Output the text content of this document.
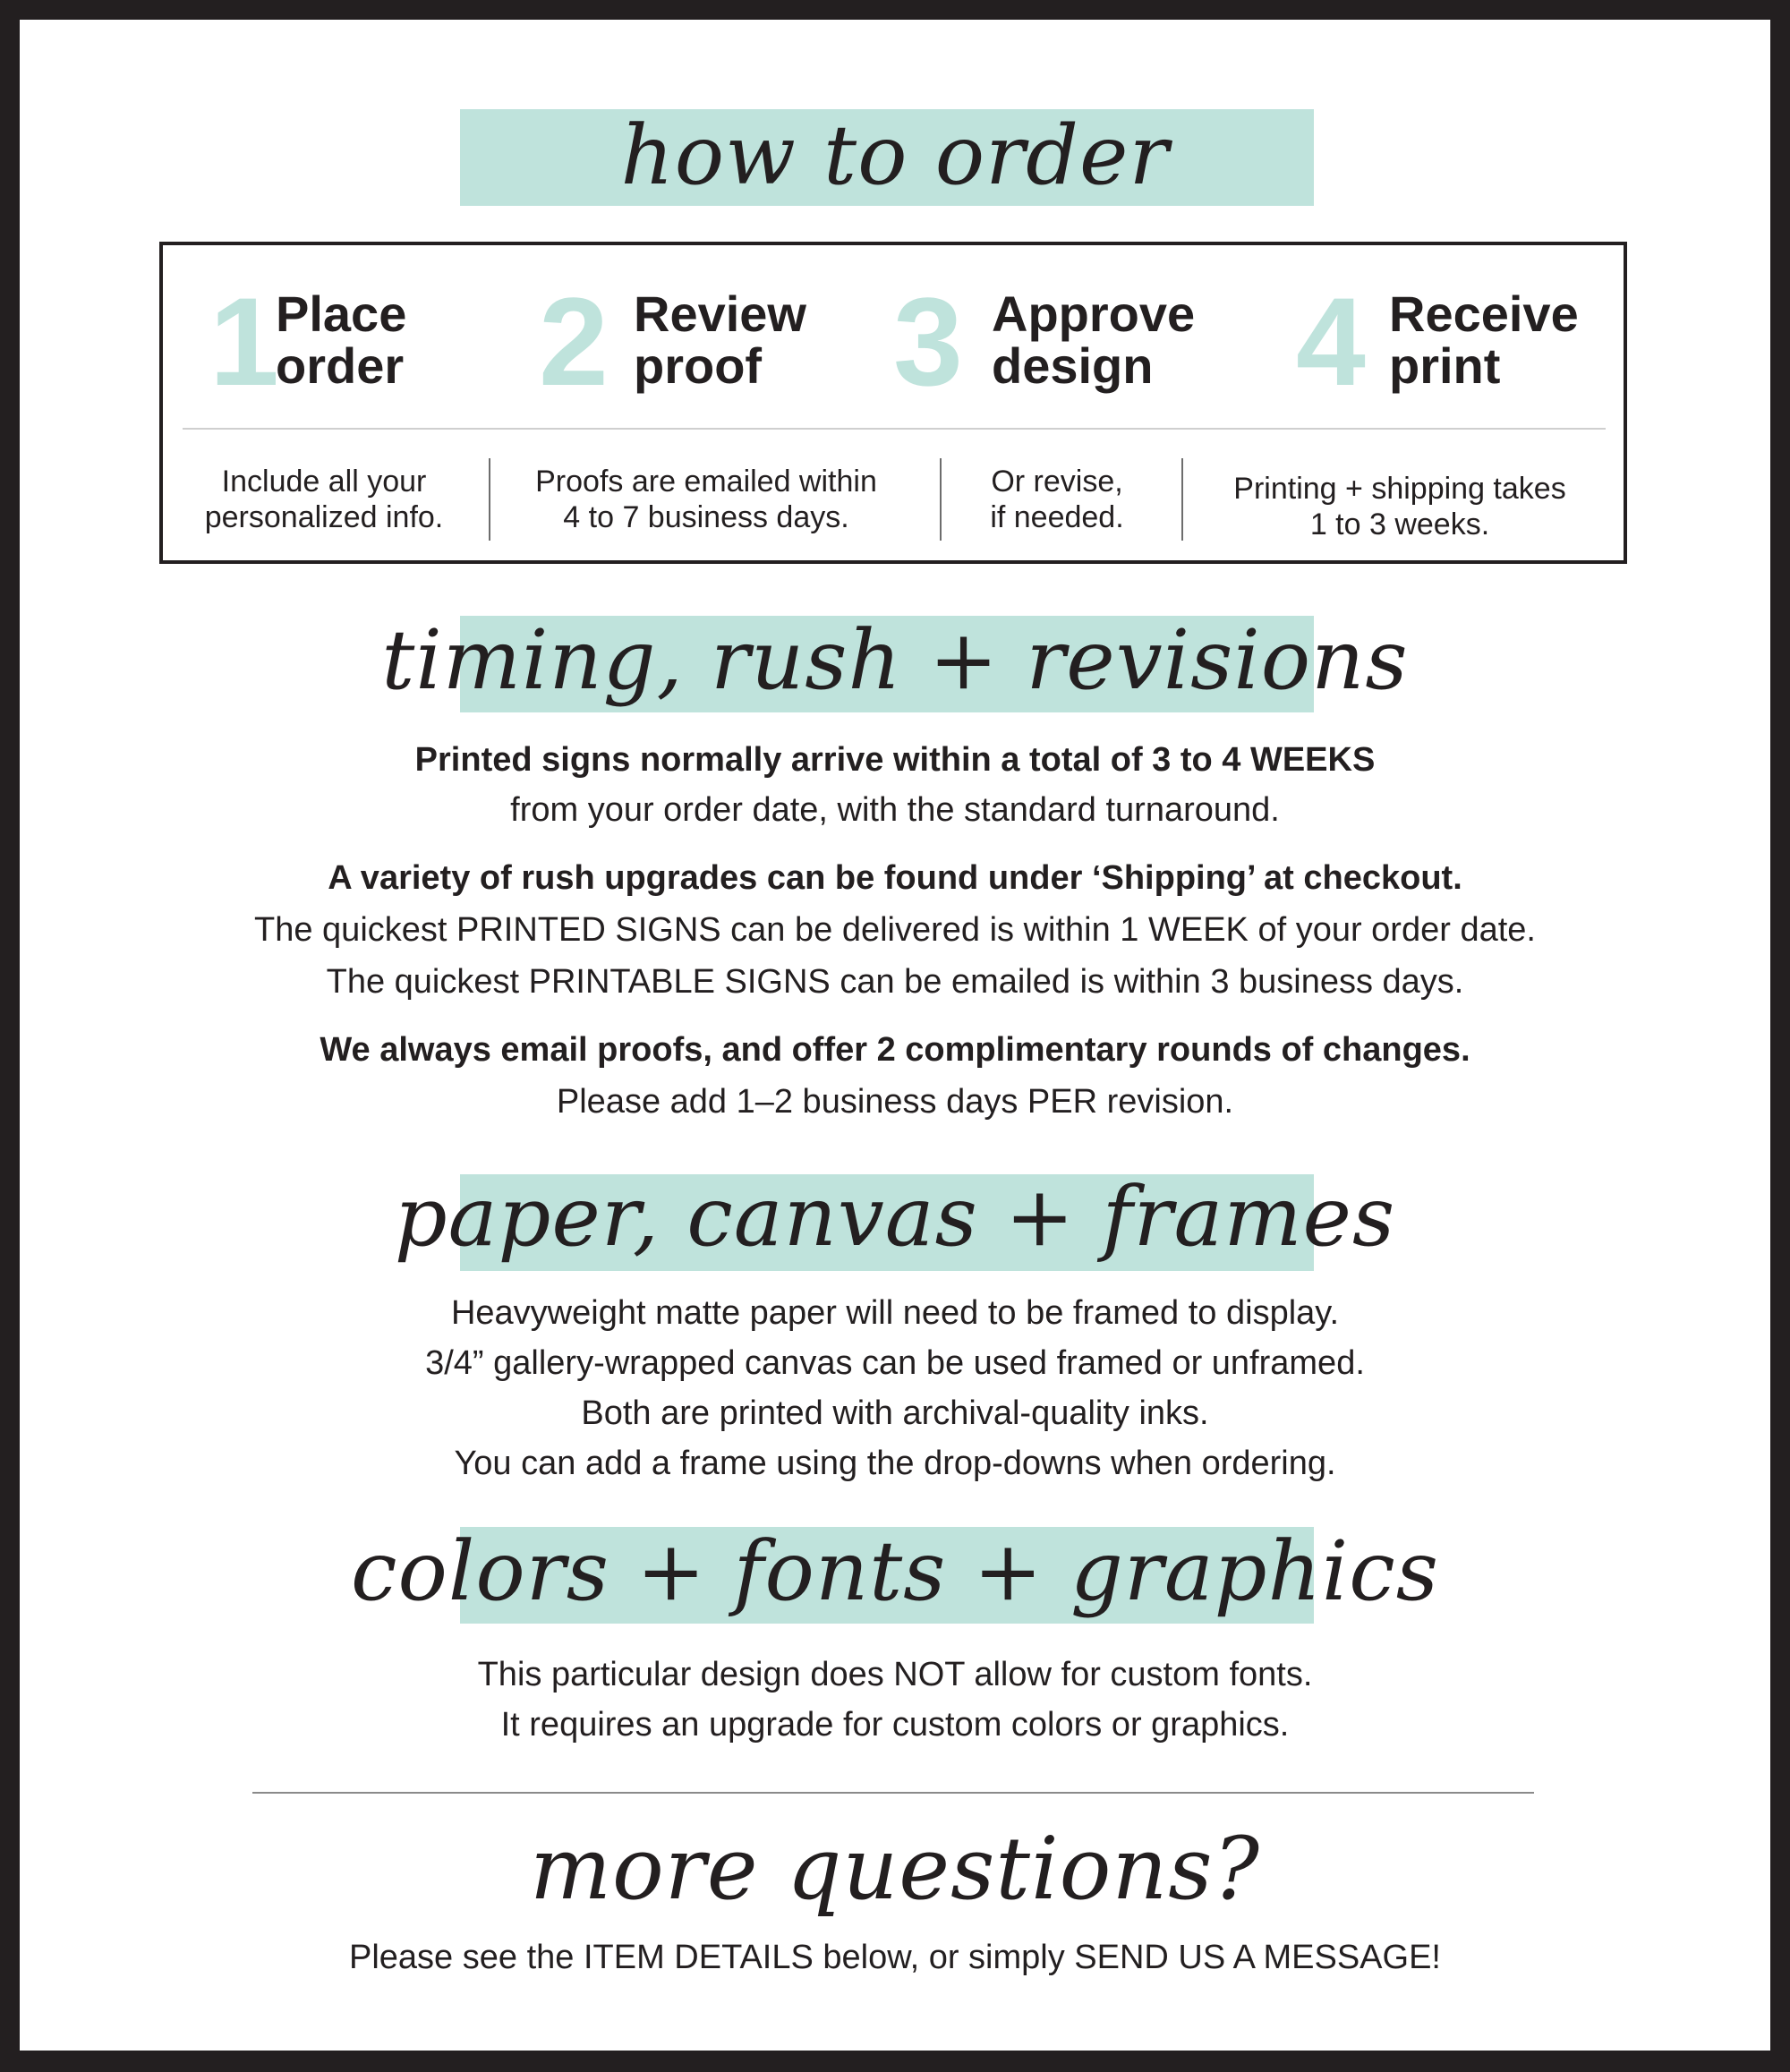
how to order
1
Place
order 2 Review
proof	3 Approve
design	4 Receive
print
Include all your
personalized info.
Proofs are emailed within
4 to 7 business days.
Or revise,
if needed.
Printing + shipping takes
1 to 3 weeks.
timing, rush + revisions
Printed signs normally arrive within a total of 3 to 4 WEEKS
from your order date, with the standard turnaround.
A variety of rush upgrades can be found under ‘Shipping’ at checkout.
The quickest PRINTED SIGNS can be delivered is within 1 WEEK of your order date.
The quickest PRINTABLE SIGNS can be emailed is within 3 business days.
We always email proofs, and offer 2 complimentary rounds of changes.
Please add 1–2 business days PER revision.
paper, canvas + frames
Heavyweight matte paper will need to be framed to display.
3/4” gallery-wrapped canvas can be used framed or unframed.
Both are printed with archival-quality inks.
You can add a frame using the drop-downs when ordering.
colors + fonts + graphics
This particular design does NOT allow for custom fonts.
It requires an upgrade for custom colors or graphics.
more questions?
Please see the ITEM DETAILS below, or simply SEND US A MESSAGE!
